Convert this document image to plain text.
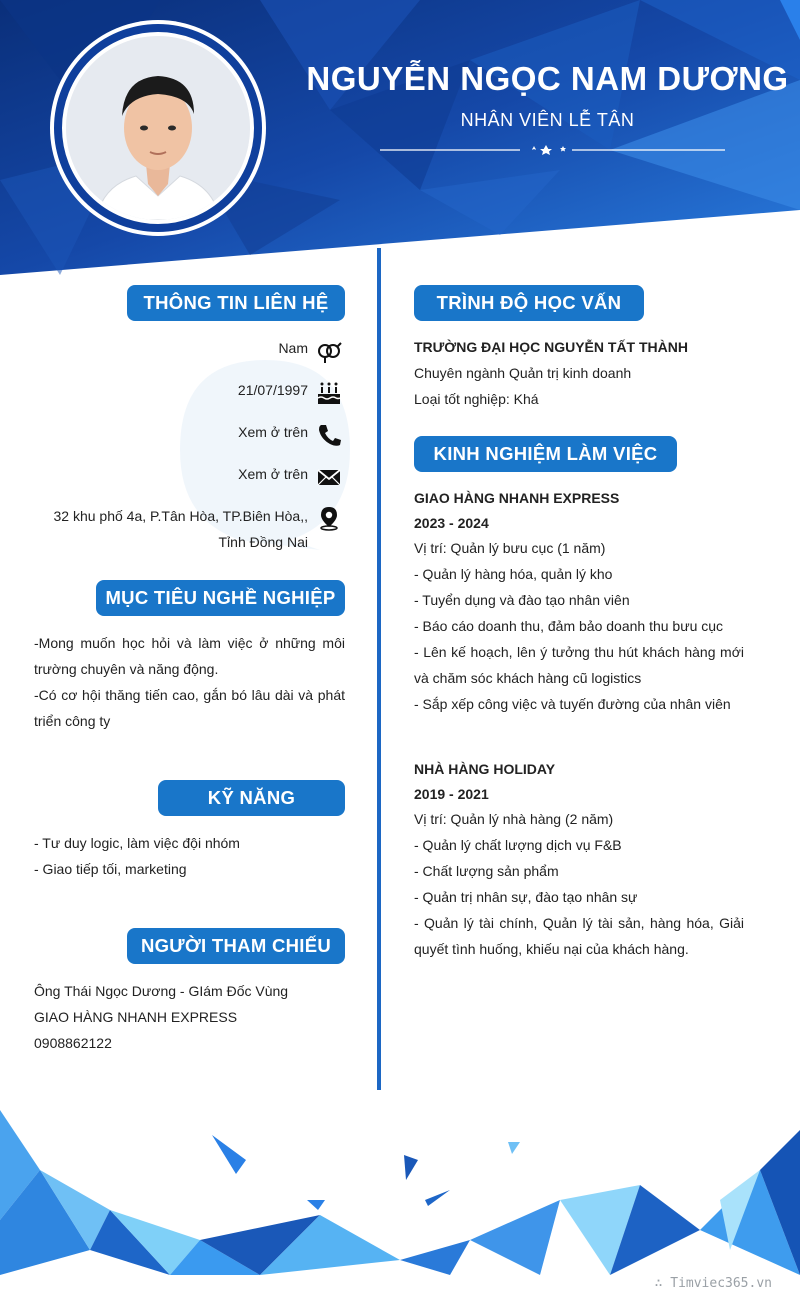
NGUYỄN NGỌC NAM DƯƠNG
NHÂN VIÊN LỄ TÂN
THÔNG TIN LIÊN HỆ
Nam
21/07/1997
Xem ở trên
Xem ở trên
32 khu phố 4a, P.Tân Hòa, TP.Biên Hòa,,
Tỉnh Đồng Nai
MỤC TIÊU NGHỀ NGHIỆP
-Mong muốn học hỏi và làm việc ở những môi
trường chuyên và năng động.
-Có cơ hội thăng tiến cao, gắn bó lâu dài và phát
triển công ty
KỸ NĂNG
- Tư duy logic, làm việc đội nhóm
- Giao tiếp tối, marketing
NGƯỜI THAM CHIẾU
Ông Thái Ngọc Dương - GIám Đốc Vùng
GIAO HÀNG NHANH EXPRESS
0908862122
TRÌNH ĐỘ HỌC VẤN
TRƯỜNG ĐẠI HỌC NGUYỄN TẤT THÀNH
Chuyên ngành Quản trị kinh doanh
Loại tốt nghiệp: Khá
KINH NGHIỆM LÀM VIỆC
GIAO HÀNG NHANH EXPRESS
2023 - 2024
Vị trí: Quản lý bưu cục (1 năm)
- Quản lý hàng hóa, quản lý kho
- Tuyển dụng và đào tạo nhân viên
- Báo cáo doanh thu, đảm bảo doanh thu bưu cục
- Lên kế hoạch, lên ý tưởng thu hút khách hàng mới
và chăm sóc khách hàng cũ logistics
- Sắp xếp công việc và tuyến đường của nhân viên
NHÀ HÀNG HOLIDAY
2019 - 2021
Vị trí: Quản lý nhà hàng (2 năm)
- Quản lý chất lượng dịch vụ F&B
- Chất lượng sản phẩm
- Quản trị nhân sự, đào tạo nhân sự
- Quản lý tài chính, Quản lý tài sản, hàng hóa, Giải
quyết tình huống, khiếu nại của khách hàng.
∴ Timviec365.vn
